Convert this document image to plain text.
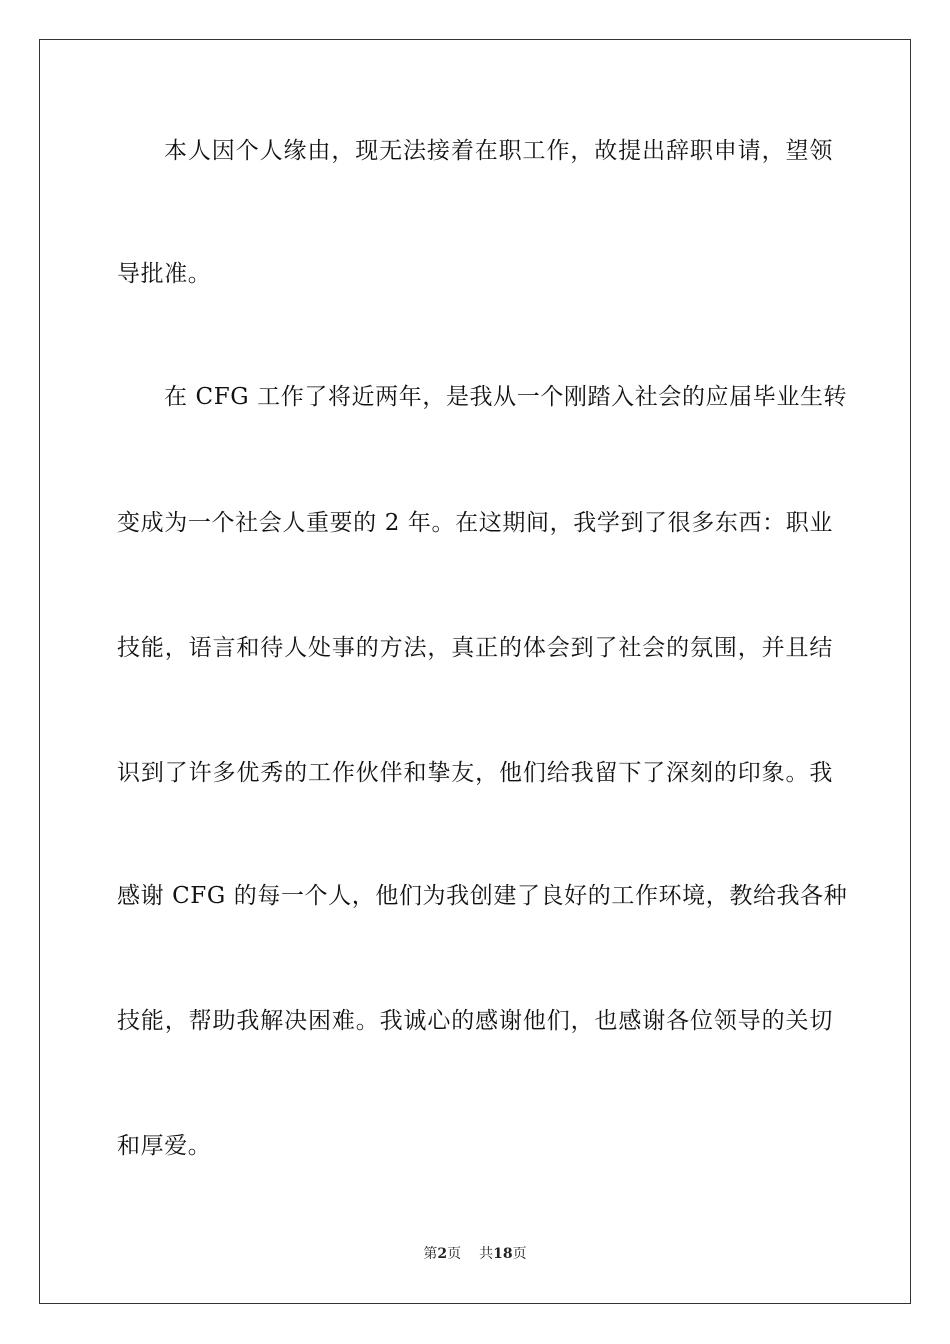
本人因个人缘由，现无法接着在职工作，故提出辞职申请，望领
导批准。
在 CFG 工作了将近两年，是我从一个刚踏入社会的应届毕业生转
变成为一个社会人重要的 2 年。在这期间，我学到了很多东西：职业
技能，语言和待人处事的方法，真正的体会到了社会的氛围，并且结
识到了许多优秀的工作伙伴和挚友，他们给我留下了深刻的印象。我
感谢 CFG 的每一个人，他们为我创建了良好的工作环境，教给我各种
技能，帮助我解决困难。我诚心的感谢他们，也感谢各位领导的关切
和厚爱。
第2页 共18页
